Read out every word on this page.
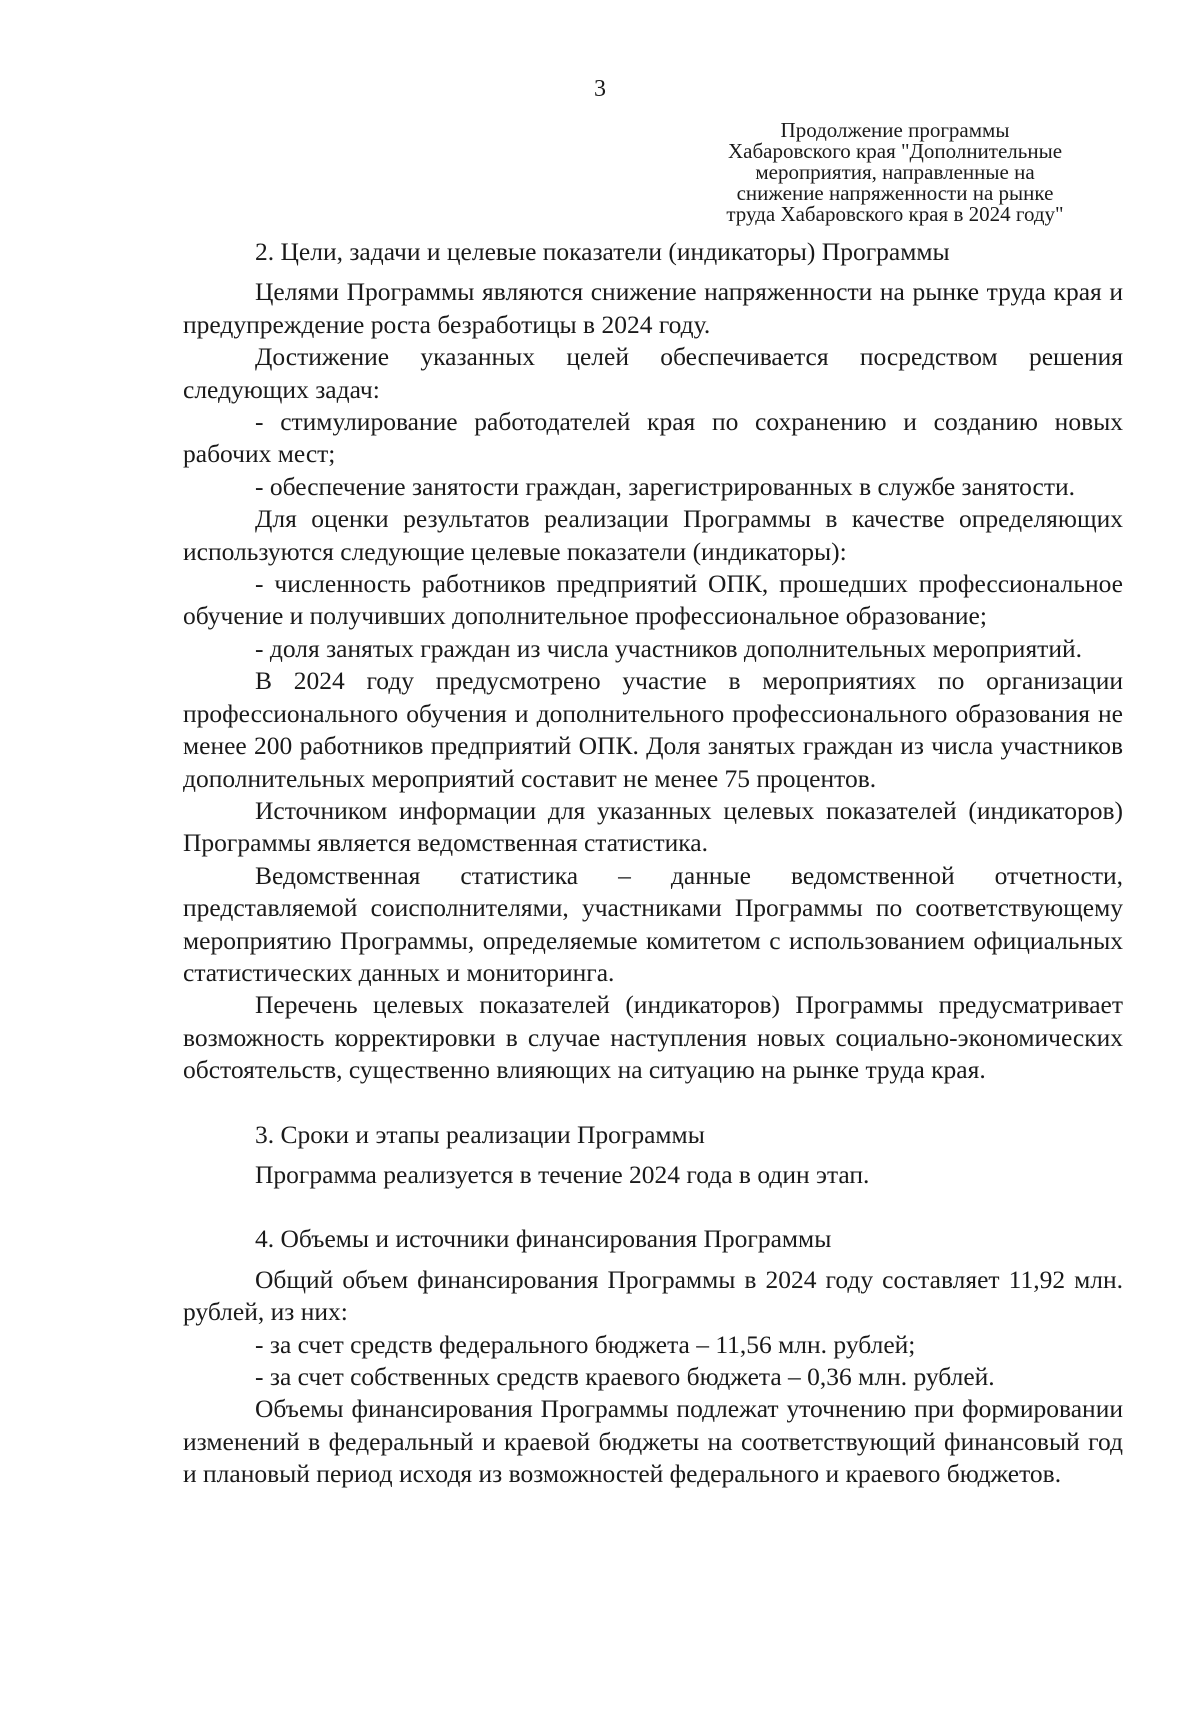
3
Продолжение программы
Хабаровского края "Дополнительные
мероприятия, направленные на
снижение напряженности на рынке
труда Хабаровского края в 2024 году"

2. Цели, задачи и целевые показатели (индикаторы) Программы

Целями Программы являются снижение напряженности на рынке труда края и предупреждение роста безработицы в 2024 году.

Достижение указанных целей обеспечивается посредством решения следующих задач:

- стимулирование работодателей края по сохранению и созданию новых рабочих мест;

- обеспечение занятости граждан, зарегистрированных в службе занятости.

Для оценки результатов реализации Программы в качестве определяющих используются следующие целевые показатели (индикаторы):

- численность работников предприятий ОПК, прошедших профессиональное обучение и получивших дополнительное профессиональное образование;

- доля занятых граждан из числа участников дополнительных мероприятий.

В 2024 году предусмотрено участие в мероприятиях по организации профессионального обучения и дополнительного профессионального образования не менее 200 работников предприятий ОПК. Доля занятых граждан из числа участников дополнительных мероприятий составит не менее 75 процентов.

Источником информации для указанных целевых показателей (индикаторов) Программы является ведомственная статистика.

Ведомственная статистика – данные ведомственной отчетности, представляемой соисполнителями, участниками Программы по соответствующему мероприятию Программы, определяемые комитетом с использованием официальных статистических данных и мониторинга.

Перечень целевых показателей (индикаторов) Программы предусматривает возможность корректировки в случае наступления новых социально-экономических обстоятельств, существенно влияющих на ситуацию на рынке труда края.

3. Сроки и этапы реализации Программы

Программа реализуется в течение 2024 года в один этап.

4. Объемы и источники финансирования Программы

Общий объем финансирования Программы в 2024 году составляет 11,92 млн. рублей, из них:

- за счет средств федерального бюджета – 11,56 млн. рублей;

- за счет собственных средств краевого бюджета – 0,36 млн. рублей.

Объемы финансирования Программы подлежат уточнению при формировании изменений в федеральный и краевой бюджеты на соответствующий финансовый год и плановый период исходя из возможностей федерального и краевого бюджетов.
